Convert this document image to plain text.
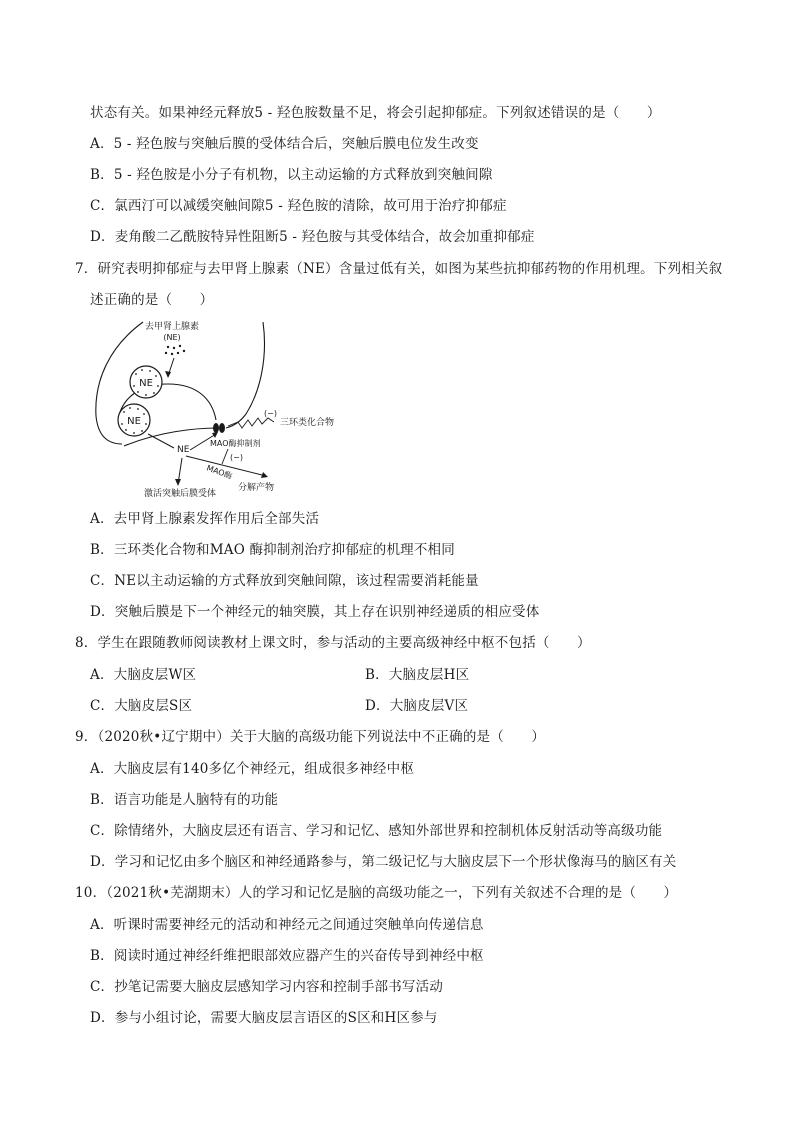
状态有关。如果神经元释放5 - 羟色胺数量不足，将会引起抑郁症。下列叙述错误的是（　　）
A．5 - 羟色胺与突触后膜的受体结合后，突触后膜电位发生改变
B．5 - 羟色胺是小分子有机物，以主动运输的方式释放到突触间隙
C．氯西汀可以减缓突触间隙5 - 羟色胺的清除，故可用于治疗抑郁症
D．麦角酸二乙酰胺特异性阻断5 - 羟色胺与其受体结合，故会加重抑郁症
7．研究表明抑郁症与去甲肾上腺素（NE）含量过低有关，如图为某些抗抑郁药物的作用机理。下列相关叙
述正确的是（　　）
NE
NE
去甲肾上腺素
(NE)
(−)
三环类化合物
NE
MAO酶抑制剂
(−)
MAO酶
分解产物
激活突触后膜受体
A．去甲肾上腺素发挥作用后全部失活
B．三环类化合物和MAO 酶抑制剂治疗抑郁症的机理不相同
C．NE以主动运输的方式释放到突触间隙，该过程需要消耗能量
D．突触后膜是下一个神经元的轴突膜，其上存在识别神经递质的相应受体
8．学生在跟随教师阅读教材上课文时，参与活动的主要高级神经中枢不包括（　　）
A．大脑皮层W区	B．大脑皮层H区
C．大脑皮层S区	D．大脑皮层V区
9．（2020秋•辽宁期中）关于大脑的高级功能下列说法中不正确的是（　　）
A．大脑皮层有140多亿个神经元，组成很多神经中枢
B．语言功能是人脑特有的功能
C．除情绪外，大脑皮层还有语言、学习和记忆、感知外部世界和控制机体反射活动等高级功能
D．学习和记忆由多个脑区和神经通路参与，第二级记忆与大脑皮层下一个形状像海马的脑区有关
10．（2021秋•芜湖期末）人的学习和记忆是脑的高级功能之一，下列有关叙述不合理的是（　　）
A．听课时需要神经元的活动和神经元之间通过突触单向传递信息
B．阅读时通过神经纤维把眼部效应器产生的兴奋传导到神经中枢
C．抄笔记需要大脑皮层感知学习内容和控制手部书写活动
D．参与小组讨论，需要大脑皮层言语区的S区和H区参与
